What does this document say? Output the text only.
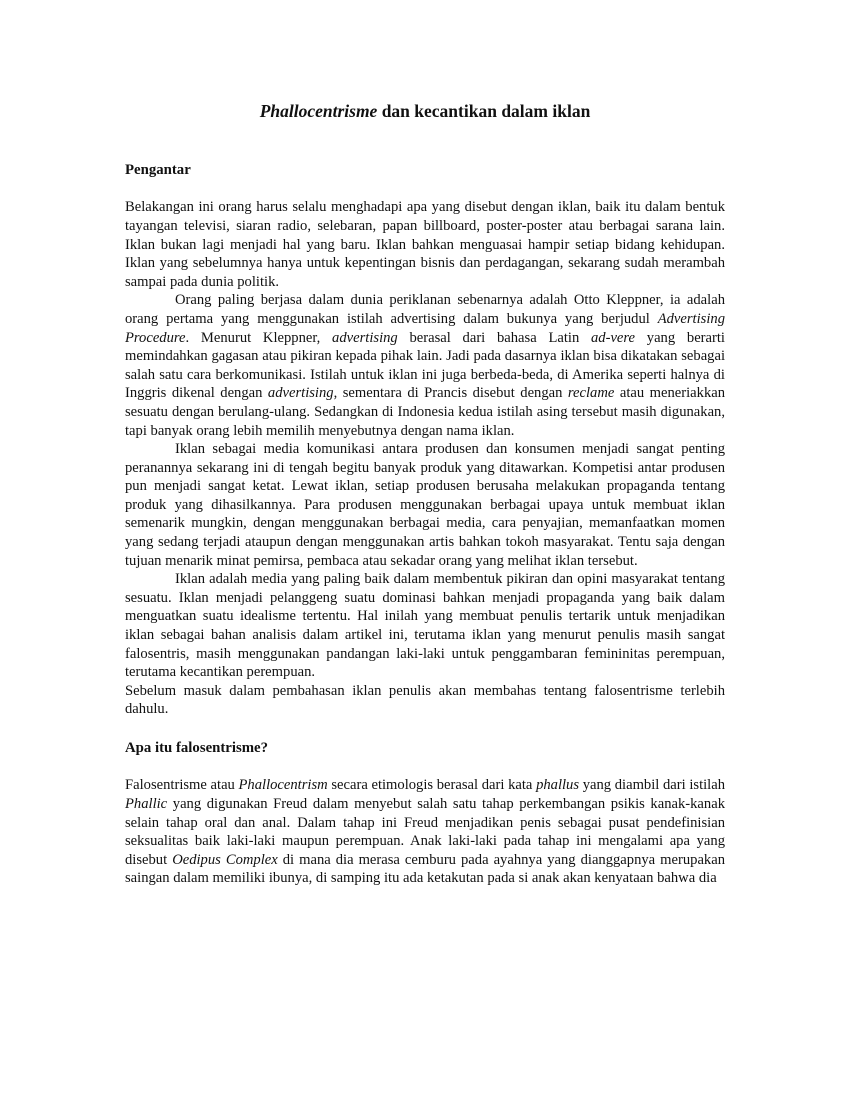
Phallocentrisme dan kecantikan dalam iklan
Pengantar

Belakangan ini orang harus selalu menghadapi apa yang disebut dengan iklan, baik itu dalam bentuk tayangan televisi, siaran radio, selebaran, papan billboard, poster-poster atau berbagai sarana lain. Iklan bukan lagi menjadi hal yang baru. Iklan bahkan menguasai hampir setiap bidang kehidupan. Iklan yang sebelumnya hanya untuk kepentingan bisnis dan perdagangan, sekarang sudah merambah sampai pada dunia politik.

Orang paling berjasa dalam dunia periklanan sebenarnya adalah Otto Kleppner, ia adalah orang pertama yang menggunakan istilah advertising dalam bukunya yang berjudul Advertising Procedure. Menurut Kleppner, advertising berasal dari bahasa Latin ad-vere yang berarti memindahkan gagasan atau pikiran kepada pihak lain. Jadi pada dasarnya iklan bisa dikatakan sebagai salah satu cara berkomunikasi. Istilah untuk iklan ini juga berbeda-beda, di Amerika seperti halnya di Inggris dikenal dengan advertising, sementara di Prancis disebut dengan reclame atau meneriakkan sesuatu dengan berulang-ulang. Sedangkan di Indonesia kedua istilah asing tersebut masih digunakan, tapi banyak orang lebih memilih menyebutnya dengan nama iklan.

Iklan sebagai media komunikasi antara produsen dan konsumen menjadi sangat penting peranannya sekarang ini di tengah begitu banyak produk yang ditawarkan. Kompetisi antar produsen pun menjadi sangat ketat. Lewat iklan, setiap produsen berusaha melakukan propaganda tentang produk yang dihasilkannya. Para produsen menggunakan berbagai upaya untuk membuat iklan semenarik mungkin, dengan menggunakan berbagai media, cara penyajian, memanfaatkan momen yang sedang terjadi ataupun dengan menggunakan artis bahkan tokoh masyarakat. Tentu saja dengan tujuan menarik minat pemirsa, pembaca atau sekadar orang yang melihat iklan tersebut.

Iklan adalah media yang paling baik dalam membentuk pikiran dan opini masyarakat tentang sesuatu. Iklan menjadi pelanggeng suatu dominasi bahkan menjadi propaganda yang baik dalam menguatkan suatu idealisme tertentu. Hal inilah yang membuat penulis tertarik untuk menjadikan iklan sebagai bahan analisis dalam artikel ini, terutama iklan yang menurut penulis masih sangat falosentris, masih menggunakan pandangan laki-laki untuk penggambaran femininitas perempuan, terutama kecantikan perempuan.

Sebelum masuk dalam pembahasan iklan penulis akan membahas tentang falosentrisme terlebih dahulu.

Apa itu falosentrisme?

Falosentrisme atau Phallocentrism secara etimologis berasal dari kata phallus yang diambil dari istilah Phallic yang digunakan Freud dalam menyebut salah satu tahap perkembangan psikis kanak-kanak selain tahap oral dan anal. Dalam tahap ini Freud menjadikan penis sebagai pusat pendefinisian seksualitas baik laki-laki maupun perempuan. Anak laki-laki pada tahap ini mengalami apa yang disebut Oedipus Complex di mana dia merasa cemburu pada ayahnya yang dianggapnya merupakan saingan dalam memiliki ibunya, di samping itu ada ketakutan pada si anak akan kenyataan bahwa dia
